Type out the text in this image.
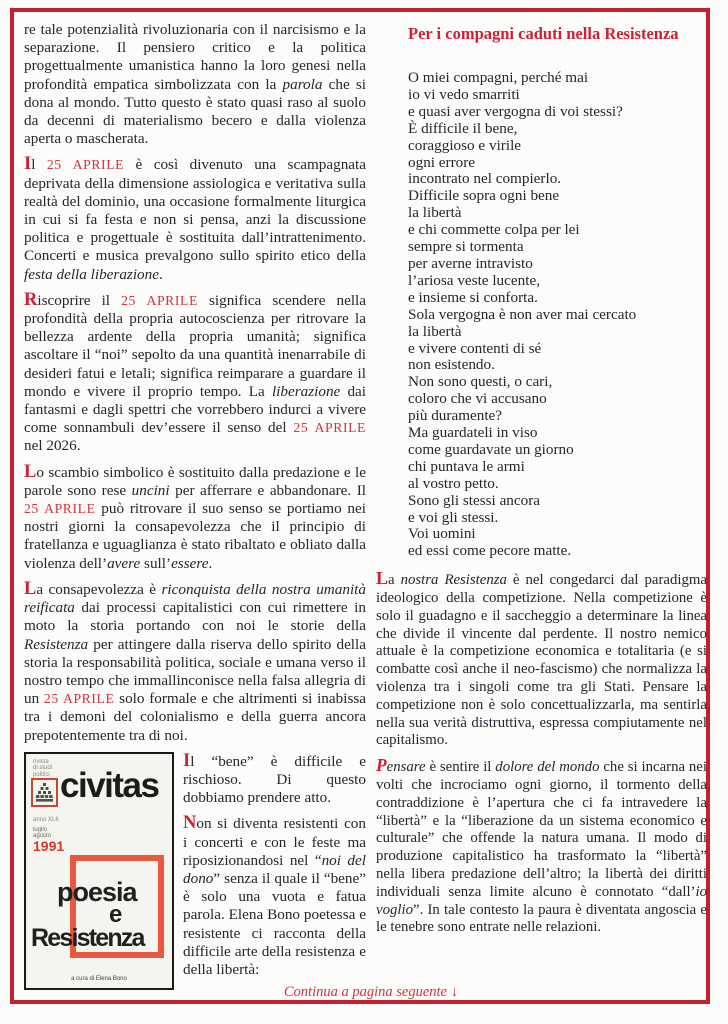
re tale potenzialità rivoluzionaria con il narcisismo e la separazione. Il pensiero critico e la politica progettualmente umanistica hanno la loro genesi nella profondità empatica simbolizzata con la parola che si dona al mondo. Tutto questo è stato quasi raso al suolo da decenni di materialismo becero e dalla violenza aperta o mascherata.

Il 25 APRILE è così divenuto una scampagnata deprivata della dimensione assiologica e veritativa sulla realtà del dominio, una occasione formalmente liturgica in cui si fa festa e non si pensa, anzi la discussione politica e progettuale è sostituita dall’intrattenimento. Concerti e musica prevalgono sullo spirito etico della festa della liberazione.

Riscoprire il 25 APRILE significa scendere nella profondità della propria autocoscienza per ritrovare la bellezza ardente della propria umanità; significa ascoltare il “noi” sepolto da una quantità inenarrabile di desideri fatui e letali; significa reimparare a guardare il mondo e vivere il proprio tempo. La liberazione dai fantasmi e dagli spettri che vorrebbero indurci a vivere come sonnambuli dev’essere il senso del 25 APRILE nel 2026.

Lo scambio simbolico è sostituito dalla predazione e le parole sono rese uncini per afferrare e abbandonare. Il 25 APRILE può ritrovare il suo senso se portiamo nei nostri giorni la consapevolezza che il principio di fratellanza e uguaglianza è stato ribaltato e obliato dalla violenza dell’avere sull’essere.

La consapevolezza è riconquista della nostra umanità reificata dai processi capitalistici con cui rimettere in moto la storia portando con noi le storie della Resistenza per attingere dalla riserva dello spirito della storia la responsabilità politica, sociale e umana verso il nostro tempo che immallinconisce nella falsa allegria di un 25 APRILE solo formale e che altrimenti si inabissa tra i demoni del colonialismo e della guerra ancora prepotentemente tra di noi.

rivista
di studi
politici civitas
anno XLII
luglio
agosto
1991
poesia
e
Resistenza
a cura di Elena Bono

Il “bene” è difficile e rischioso. Di questo dobbiamo prendere atto.

Non si diventa resistenti con i concerti e con le feste ma riposizionandosi nel “noi del dono” senza il quale il “bene” è solo una vuota e fatua parola. Elena Bono poetessa e resistente ci racconta della difficile arte della resistenza e della libertà:

Per i compagni caduti nella Resistenza
O miei compagni, perché mai
io vi vedo smarriti
e quasi aver vergogna di voi stessi?
È difficile il bene,
coraggioso e virile
ogni errore
incontrato nel compierlo.
Difficile sopra ogni bene
la libertà
e chi commette colpa per lei
sempre si tormenta
per averne intravisto
l’ariosa veste lucente,
e insieme si conforta.
Sola vergogna è non aver mai cercato
la libertà
e vivere contenti di sé
non esistendo.
Non sono questi, o cari,
coloro che vi accusano
più duramente?
Ma guardateli in viso
come guardavate un giorno
chi puntava le armi
al vostro petto.
Sono gli stessi ancora
e voi gli stessi.
Voi uomini
ed essi come pecore matte.

La nostra Resistenza è nel congedarci dal paradigma ideologico della competizione. Nella competizione è solo il guadagno e il saccheggio a determinare la linea che divide il vincente dal perdente. Il nostro nemico attuale è la competizione economica e totalitaria (e si combatte così anche il neo-fascismo) che normalizza la violenza tra i singoli come tra gli Stati. Pensare la competizione non è solo concettualizzarla, ma sentirla nella sua verità distruttiva, espressa compiutamente nel capitalismo.

Pensare è sentire il dolore del mondo che si incarna nei volti che incrociamo ogni giorno, il tormento della contraddizione è l’apertura che ci fa intravedere la “libertà” e la “liberazione da un sistema economico e culturale” che offende la natura umana. Il modo di produzione capitalistico ha trasformato la “libertà” nella libera predazione dell’altro; la libertà dei diritti individuali senza limite alcuno è connotato “dall’io voglio”. In tale contesto la paura è diventata angoscia e le tenebre sono entrate nelle relazioni.

Continua a pagina seguente ↓
